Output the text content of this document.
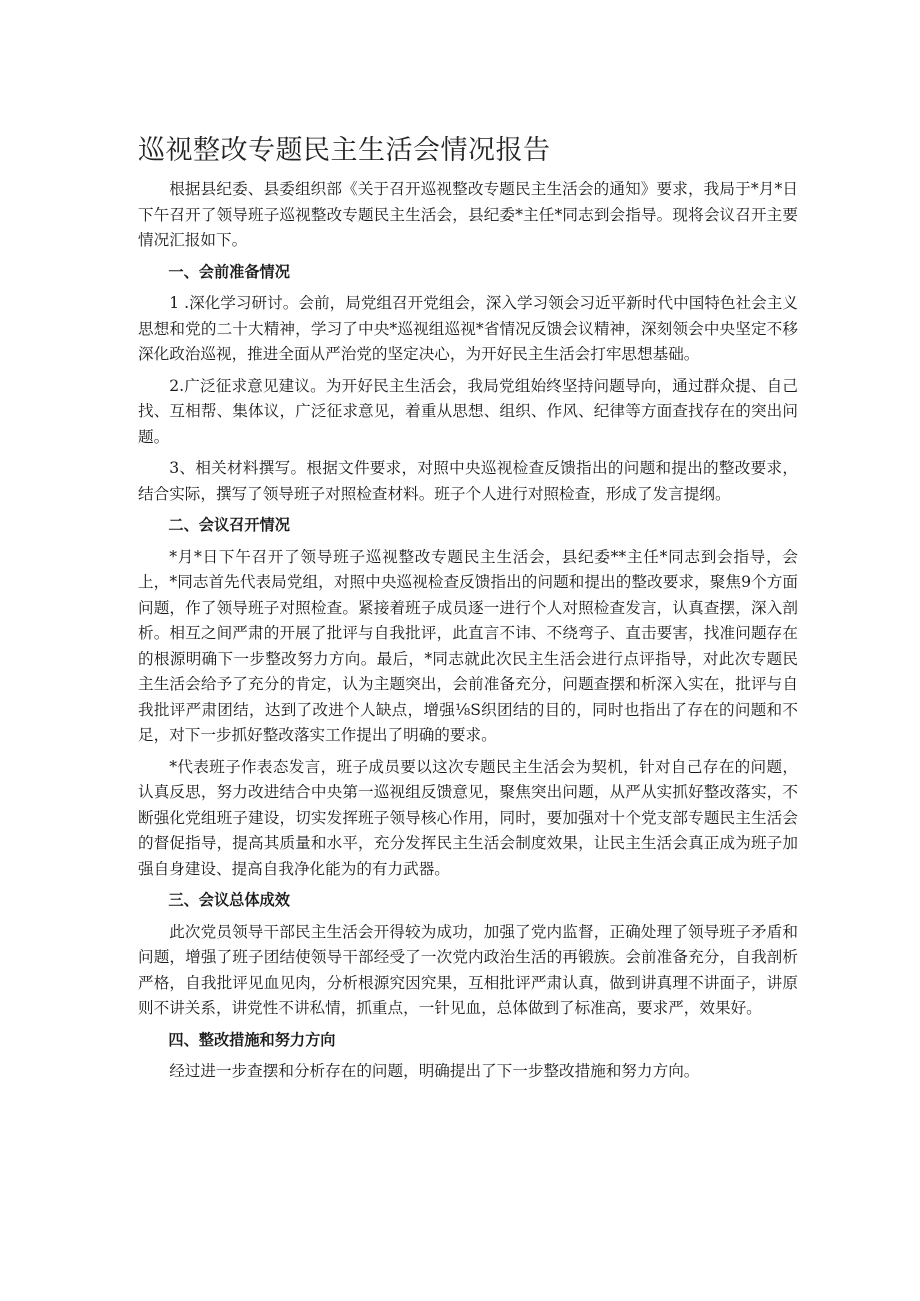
巡视整改专题民主生活会情况报告

根据县纪委、县委组织部《关于召开巡视整改专题民主生活会的通知》要求，我局于*月*日下午召开了领导班子巡视整改专题民主生活会，县纪委*主任*同志到会指导。现将会议召开主要情况汇报如下。

一、会前准备情况

1 .深化学习研讨。会前，局党组召开党组会，深入学习领会习近平新时代中国特色社会主义思想和党的二十大精神，学习了中央*巡视组巡视*省情况反馈会议精神，深刻领会中央坚定不移深化政治巡视，推进全面从严治党的坚定决心，为开好民主生活会打牢思想基础。

2.广泛征求意见建议。为开好民主生活会，我局党组始终坚持问题导向，通过群众提、自己找、互相帮、集体议，广泛征求意见，着重从思想、组织、作风、纪律等方面查找存在的突出问题。

3、相关材料撰写。根据文件要求，对照中央巡视检查反馈指出的问题和提出的整改要求，结合实际，撰写了领导班子对照检查材料。班子个人进行对照检查，形成了发言提纲。

二、会议召开情况

*月*日下午召开了领导班子巡视整改专题民主生活会，县纪委**主任*同志到会指导，会上，*同志首先代表局党组，对照中央巡视检查反馈指出的问题和提出的整改要求，聚焦9个方面问题，作了领导班子对照检查。紧接着班子成员逐一进行个人对照检查发言，认真查摆，深入剖析。相互之间严肃的开展了批评与自我批评，此直言不讳、不绕弯子、直击要害，找准问题存在的根源明确下一步整改努力方向。最后，*同志就此次民主生活会进行点评指导，对此次专题民主生活会给予了充分的肯定，认为主题突出，会前准备充分，问题查摆和析深入实在，批评与自我批评严肃团结，达到了改进个人缺点，增强⅛S织团结的目的，同时也指出了存在的问题和不足，对下一步抓好整改落实工作提出了明确的要求。

*代表班子作表态发言，班子成员要以这次专题民主生活会为契机，针对自己存在的问题，认真反思，努力改进结合中央第一巡视组反馈意见，聚焦突出问题，从严从实抓好整改落实，不断强化党组班子建设，切实发挥班子领导核心作用，同时，要加强对十个党支部专题民主生活会的督促指导，提高其质量和水平，充分发挥民主生活会制度效果，让民主生活会真正成为班子加强自身建设、提高自我净化能为的有力武器。

三、会议总体成效

此次党员领导干部民主生活会开得较为成功，加强了党内监督，正确处理了领导班子矛盾和问题，增强了班子团结使领导干部经受了一次党内政治生活的再锻族。会前准备充分，自我剖析严格，自我批评见血见肉，分析根源究因究果，互相批评严肃认真，做到讲真理不讲面子，讲原则不讲关系，讲党性不讲私情，抓重点，一针见血，总体做到了标准高，要求严，效果好。

四、整改措施和努力方向

经过进一步查摆和分析存在的问题，明确提出了下一步整改措施和努力方向。
